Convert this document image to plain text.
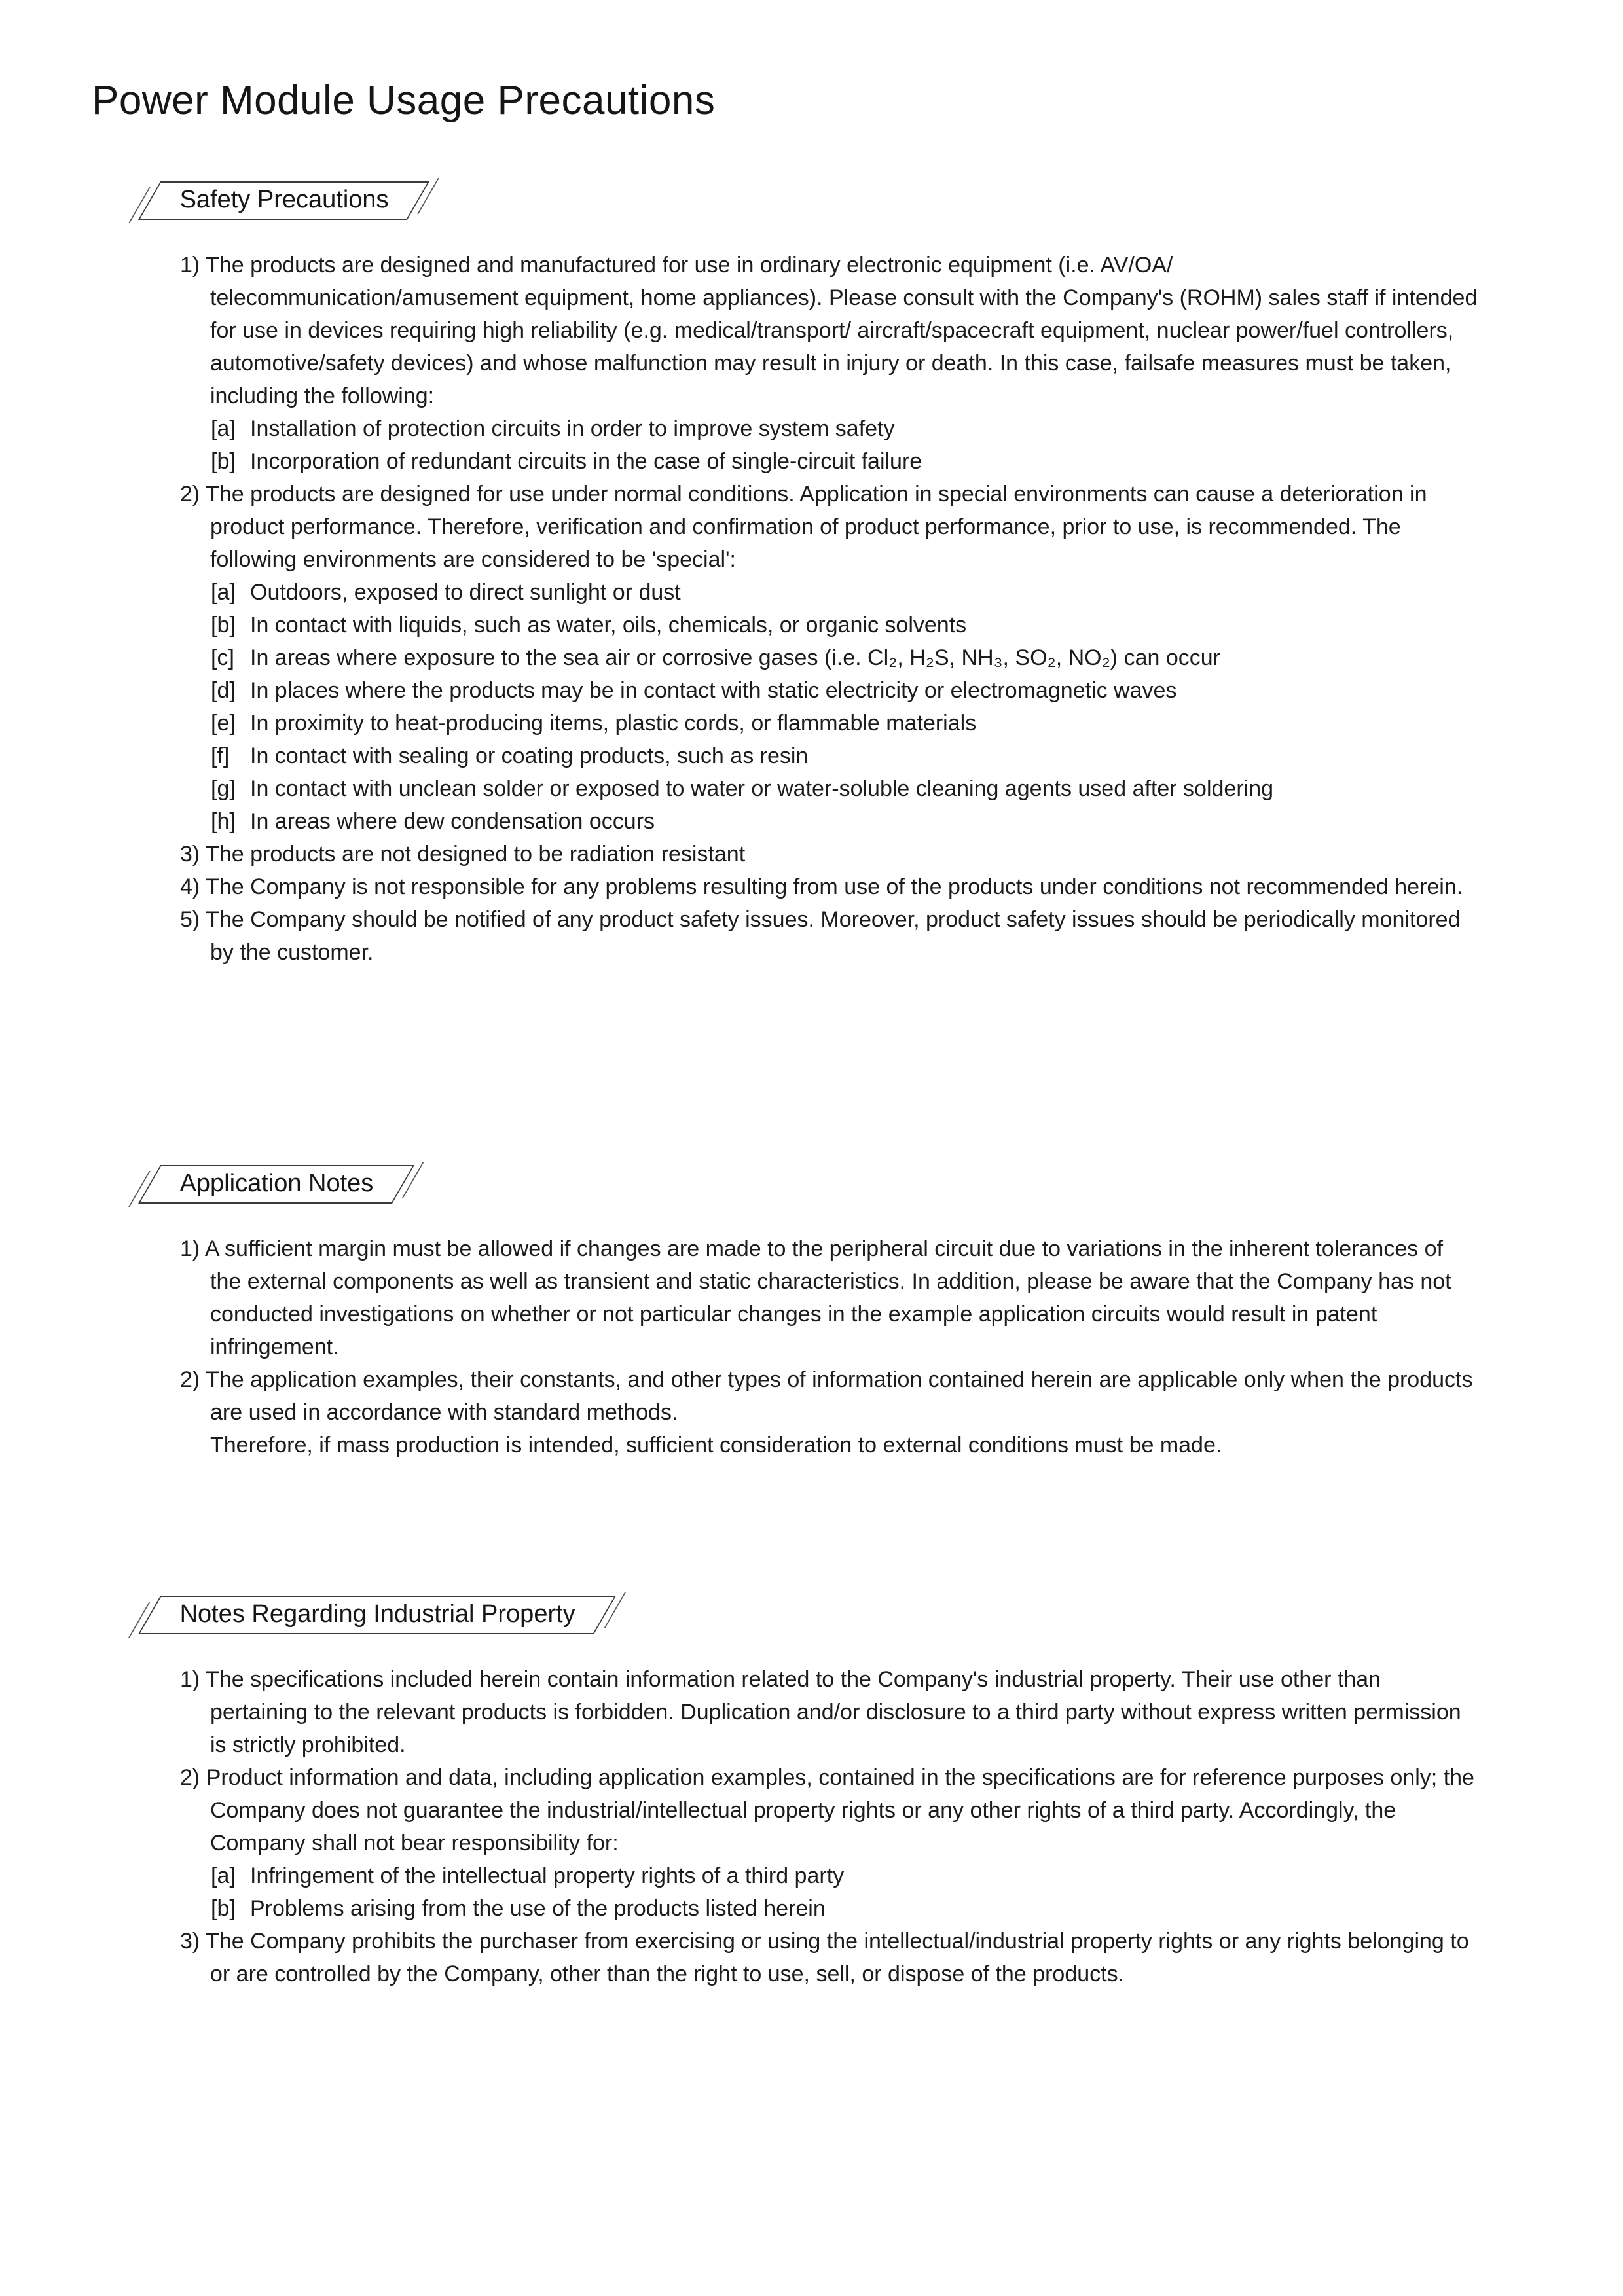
Power Module Usage Precautions
Safety Precautions
1) The products are designed and manufactured for use in ordinary electronic equipment (i.e. AV/OA/ telecommunication/amusement equipment, home appliances). Please consult with the Company's (ROHM) sales staff if intended for use in devices requiring high reliability (e.g. medical/transport/ aircraft/spacecraft equipment, nuclear power/fuel controllers, automotive/safety devices) and whose malfunction may result in injury or death. In this case, failsafe measures must be taken, including the following:
[a] Installation of protection circuits in order to improve system safety
[b] Incorporation of redundant circuits in the case of single-circuit failure
2) The products are designed for use under normal conditions. Application in special environments can cause a deterioration in product performance. Therefore, verification and confirmation of product performance, prior to use, is recommended. The following environments are considered to be 'special':
[a] Outdoors, exposed to direct sunlight or dust
[b] In contact with liquids, such as water, oils, chemicals, or organic solvents
[c] In areas where exposure to the sea air or corrosive gases (i.e. Cl₂, H₂S, NH₃, SO₂, NO₂) can occur
[d] In places where the products may be in contact with static electricity or electromagnetic waves
[e] In proximity to heat-producing items, plastic cords, or flammable materials
[f] In contact with sealing or coating products, such as resin
[g] In contact with unclean solder or exposed to water or water-soluble cleaning agents used after soldering
[h] In areas where dew condensation occurs
3) The products are not designed to be radiation resistant
4) The Company is not responsible for any problems resulting from use of the products under conditions not recommended herein.
5) The Company should be notified of any product safety issues. Moreover, product safety issues should be periodically monitored by the customer.
Application Notes
1) A sufficient margin must be allowed if changes are made to the peripheral circuit due to variations in the inherent tolerances of the external components as well as transient and static characteristics. In addition, please be aware that the Company has not conducted investigations on whether or not particular changes in the example application circuits would result in patent infringement.
2) The application examples, their constants, and other types of information contained herein are applicable only when the products are used in accordance with standard methods.
Therefore, if mass production is intended, sufficient consideration to external conditions must be made.
Notes Regarding Industrial Property
1) The specifications included herein contain information related to the Company's industrial property. Their use other than pertaining to the relevant products is forbidden. Duplication and/or disclosure to a third party without express written permission is strictly prohibited.
2) Product information and data, including application examples, contained in the specifications are for reference purposes only; the Company does not guarantee the industrial/intellectual property rights or any other rights of a third party. Accordingly, the Company shall not bear responsibility for:
[a] Infringement of the intellectual property rights of a third party
[b] Problems arising from the use of the products listed herein
3) The Company prohibits the purchaser from exercising or using the intellectual/industrial property rights or any rights belonging to or are controlled by the Company, other than the right to use, sell, or dispose of the products.
